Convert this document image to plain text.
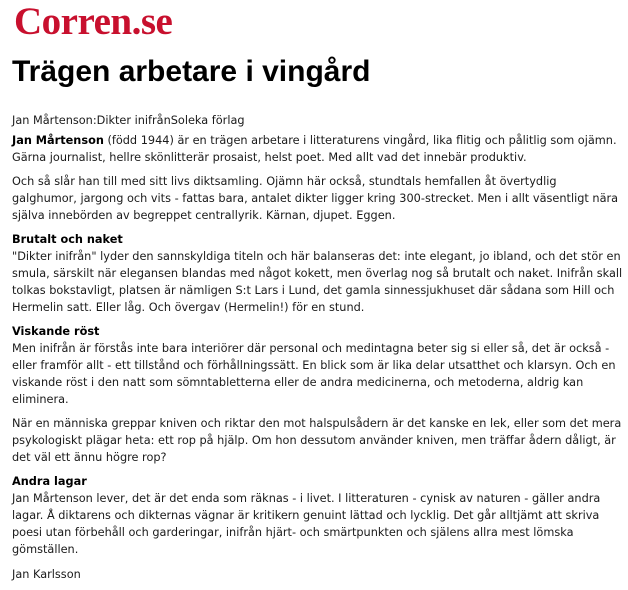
Corren.se
Trägen arbetare i vingård

Jan Mårtenson:Dikter inifrånSoleka förlag

Jan Mårtenson (född 1944) är en trägen arbetare i litteraturens vingård, lika flitig och pålitlig som ojämn. Gärna journalist, hellre skönlitterär prosaist, helst poet. Med allt vad det innebär produktiv.

Och så slår han till med sitt livs diktsamling. Ojämn här också, stundtals hemfallen åt övertydlig galghumor, jargong och vits - fattas bara, antalet dikter ligger kring 300-strecket. Men i allt väsentligt nära själva innebörden av begreppet centrallyrik. Kärnan, djupet. Eggen.

Brutalt och naket

"Dikter inifrån" lyder den sannskyldiga titeln och här balanseras det: inte elegant, jo ibland, och det stör en smula, särskilt när elegansen blandas med något kokett, men överlag nog så brutalt och naket. Inifrån skall tolkas bokstavligt, platsen är nämligen S:t Lars i Lund, det gamla sinnessjukhuset där sådana som Hill och Hermelin satt. Eller låg. Och övergav (Hermelin!) för en stund.

Viskande röst

Men inifrån är förstås inte bara interiörer där personal och medintagna beter sig si eller så, det är också - eller framför allt - ett tillstånd och förhållningssätt. En blick som är lika delar utsatthet och klarsyn. Och en viskande röst i den natt som sömntabletterna eller de andra medicinerna, och metoderna, aldrig kan eliminera.

När en människa greppar kniven och riktar den mot halspulsådern är det kanske en lek, eller som det mera psykologiskt plägar heta: ett rop på hjälp. Om hon dessutom använder kniven, men träffar ådern dåligt, är det väl ett ännu högre rop?

Andra lagar

Jan Mårtenson lever, det är det enda som räknas - i livet. I litteraturen - cynisk av naturen - gäller andra lagar. Å diktarens och dikternas vägnar är kritikern genuint lättad och lycklig. Det går alltjämt att skriva poesi utan förbehåll och garderingar, inifrån hjärt- och smärtpunkten och själens allra mest lömska gömställen.

Jan Karlsson
